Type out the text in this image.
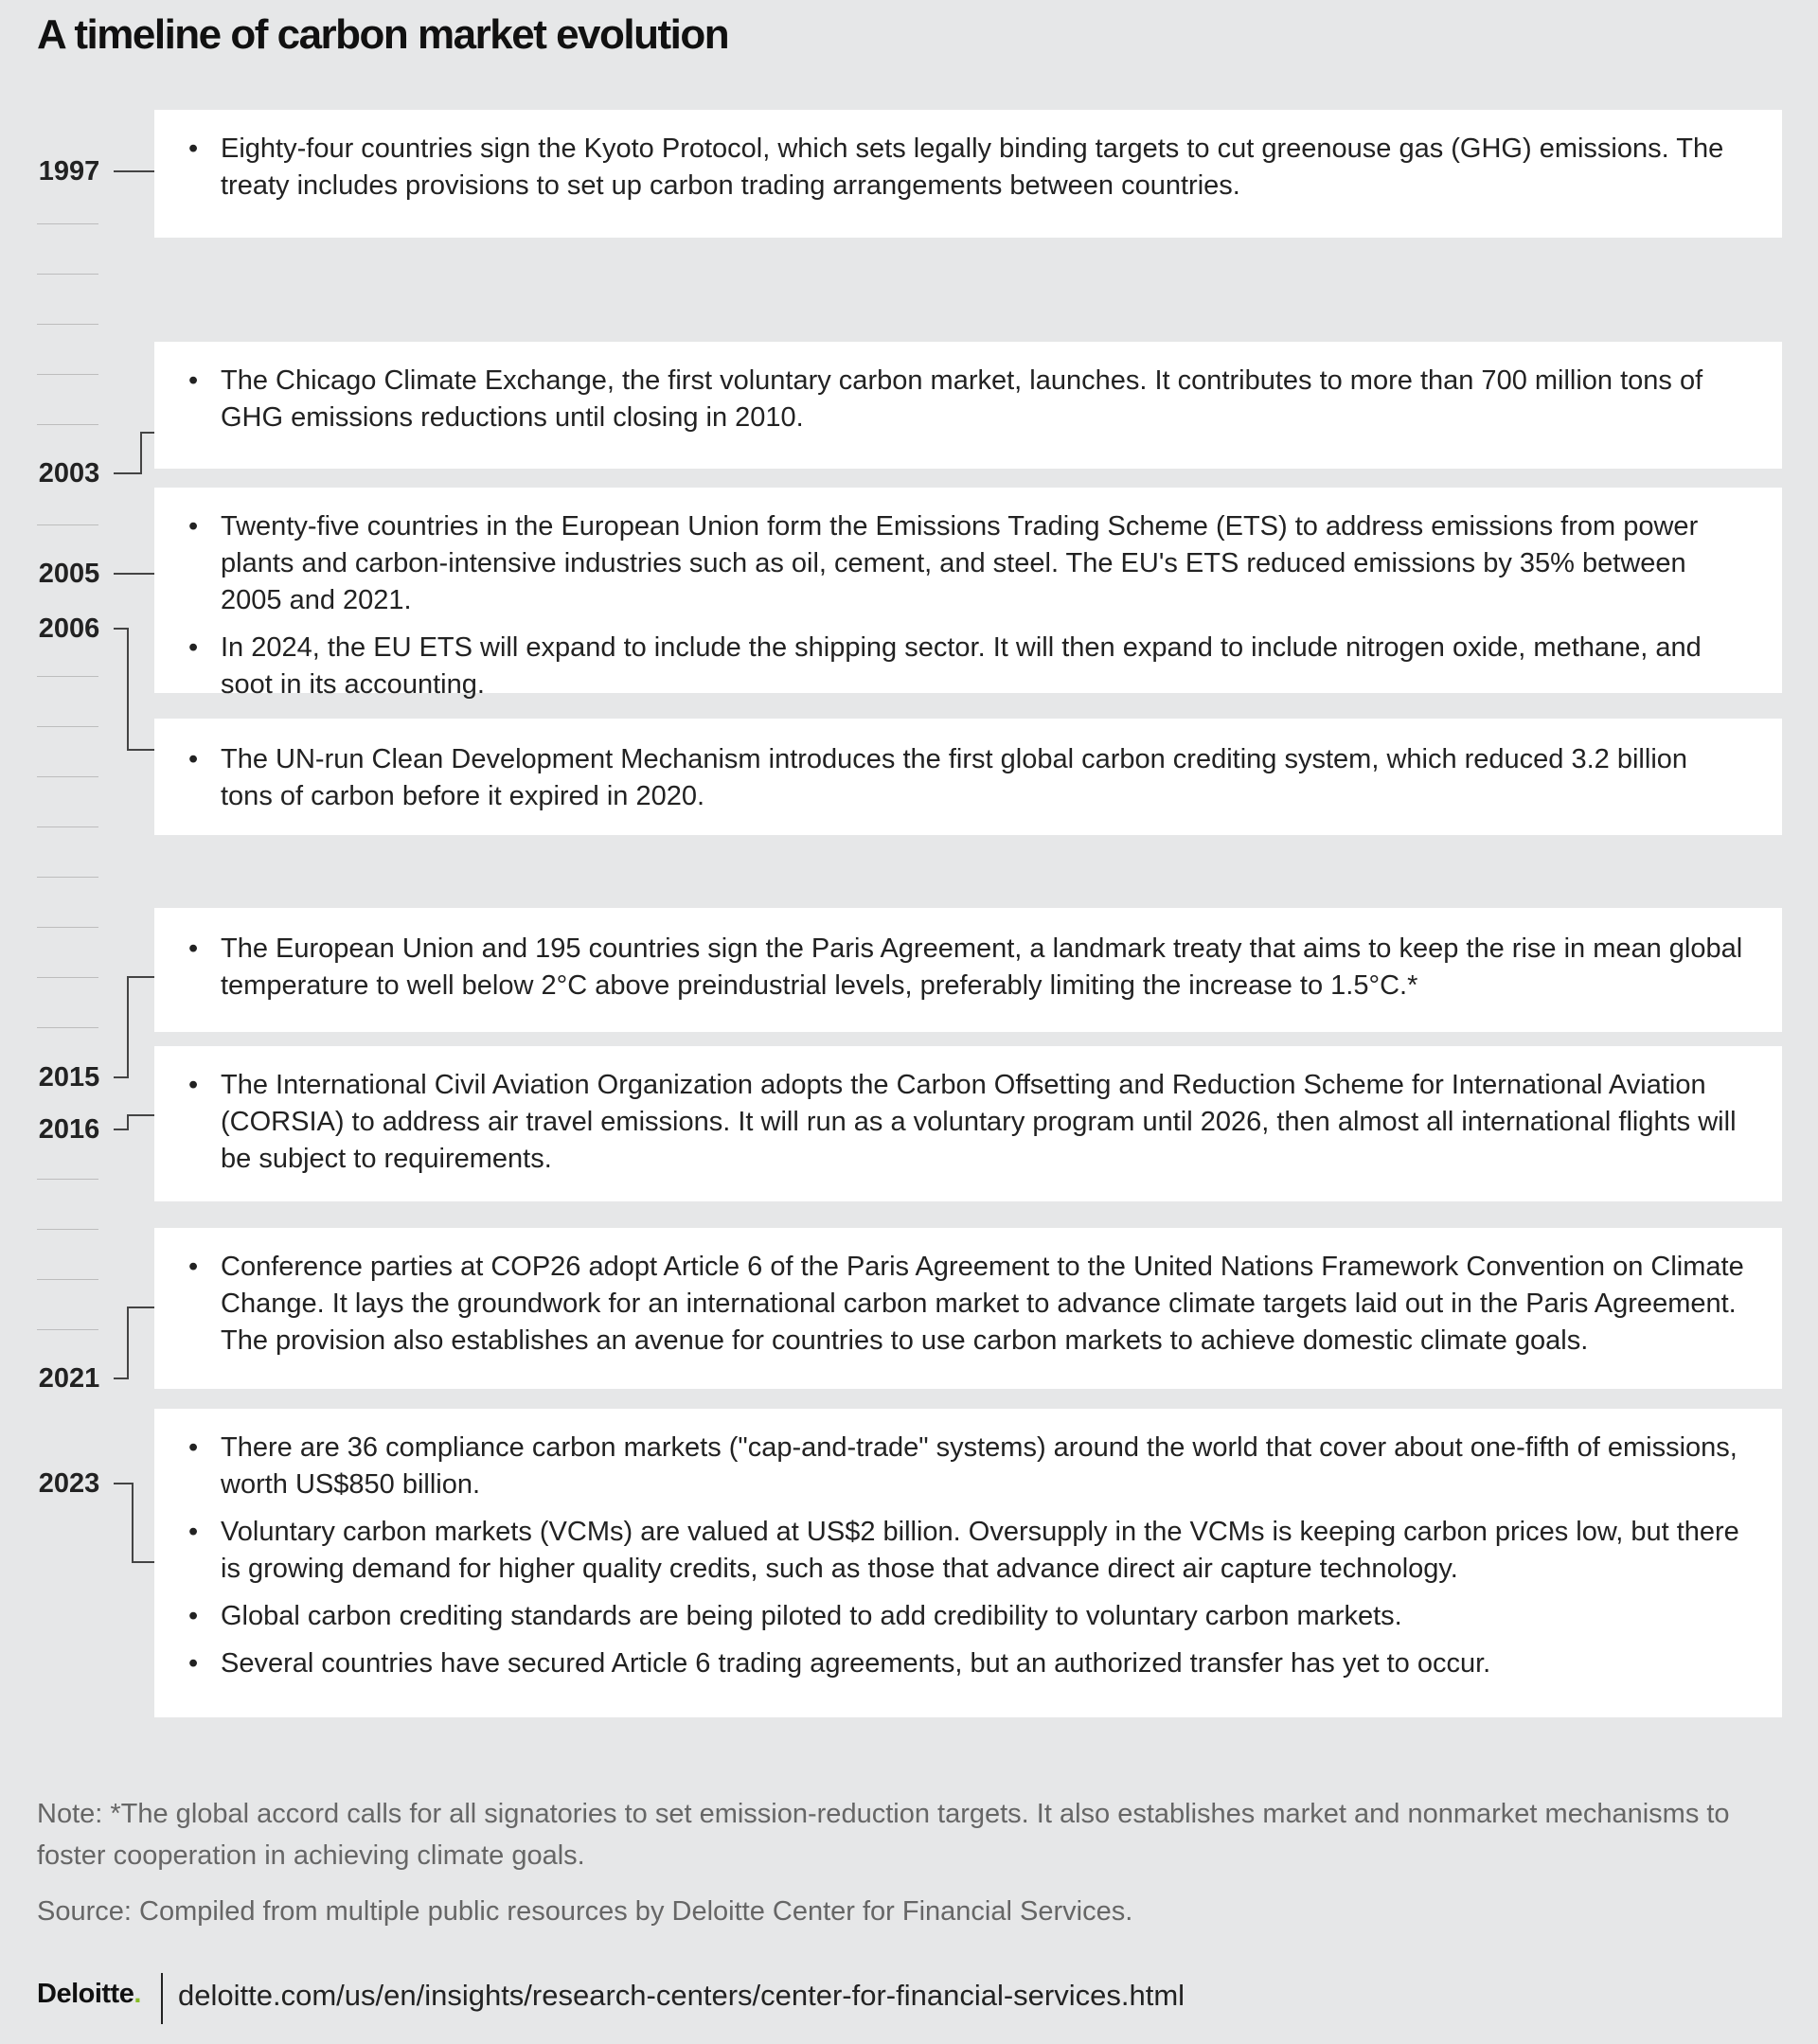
A timeline of carbon market evolution
1997
2003
2005
2006
2015
2016
2021
2023
• Eighty-four countries sign the Kyoto Protocol, which sets legally binding targets to cut greenouse gas (GHG) emissions. The treaty includes provisions to set up carbon trading arrangements between countries.
• The Chicago Climate Exchange, the first voluntary carbon market, launches. It contributes to more than 700 million tons of GHG emissions reductions until closing in 2010.
• Twenty-five countries in the European Union form the Emissions Trading Scheme (ETS) to address emissions from power plants and carbon-intensive industries such as oil, cement, and steel. The EU's ETS reduced emissions by 35% between 2005 and 2021.
• In 2024, the EU ETS will expand to include the shipping sector. It will then expand to include nitrogen oxide, methane, and soot in its accounting.
• The UN-run Clean Development Mechanism introduces the first global carbon crediting system, which reduced 3.2 billion tons of carbon before it expired in 2020.
• The European Union and 195 countries sign the Paris Agreement, a landmark treaty that aims to keep the rise in mean global temperature to well below 2°C above preindustrial levels, preferably limiting the increase to 1.5°C.*
• The International Civil Aviation Organization adopts the Carbon Offsetting and Reduction Scheme for International Aviation (CORSIA) to address air travel emissions. It will run as a voluntary program until 2026, then almost all international flights will be subject to requirements.
• Conference parties at COP26 adopt Article 6 of the Paris Agreement to the United Nations Framework Convention on Climate Change. It lays the groundwork for an international carbon market to advance climate targets laid out in the Paris Agreement. The provision also establishes an avenue for countries to use carbon markets to achieve domestic climate goals.
• There are 36 compliance carbon markets ("cap-and-trade" systems) around the world that cover about one-fifth of emissions, worth US$850 billion.
• Voluntary carbon markets (VCMs) are valued at US$2 billion. Oversupply in the VCMs is keeping carbon prices low, but there is growing demand for higher quality credits, such as those that advance direct air capture technology.
• Global carbon crediting standards are being piloted to add credibility to voluntary carbon markets.
• Several countries have secured Article 6 trading agreements, but an authorized transfer has yet to occur.

Note: *The global accord calls for all signatories to set emission-reduction targets. It also establishes market and nonmarket mechanisms to foster cooperation in achieving climate goals.

Source: Compiled from multiple public resources by Deloitte Center for Financial Services.

Deloitte. deloitte.com/us/en/insights/research-centers/center-for-financial-services.html
